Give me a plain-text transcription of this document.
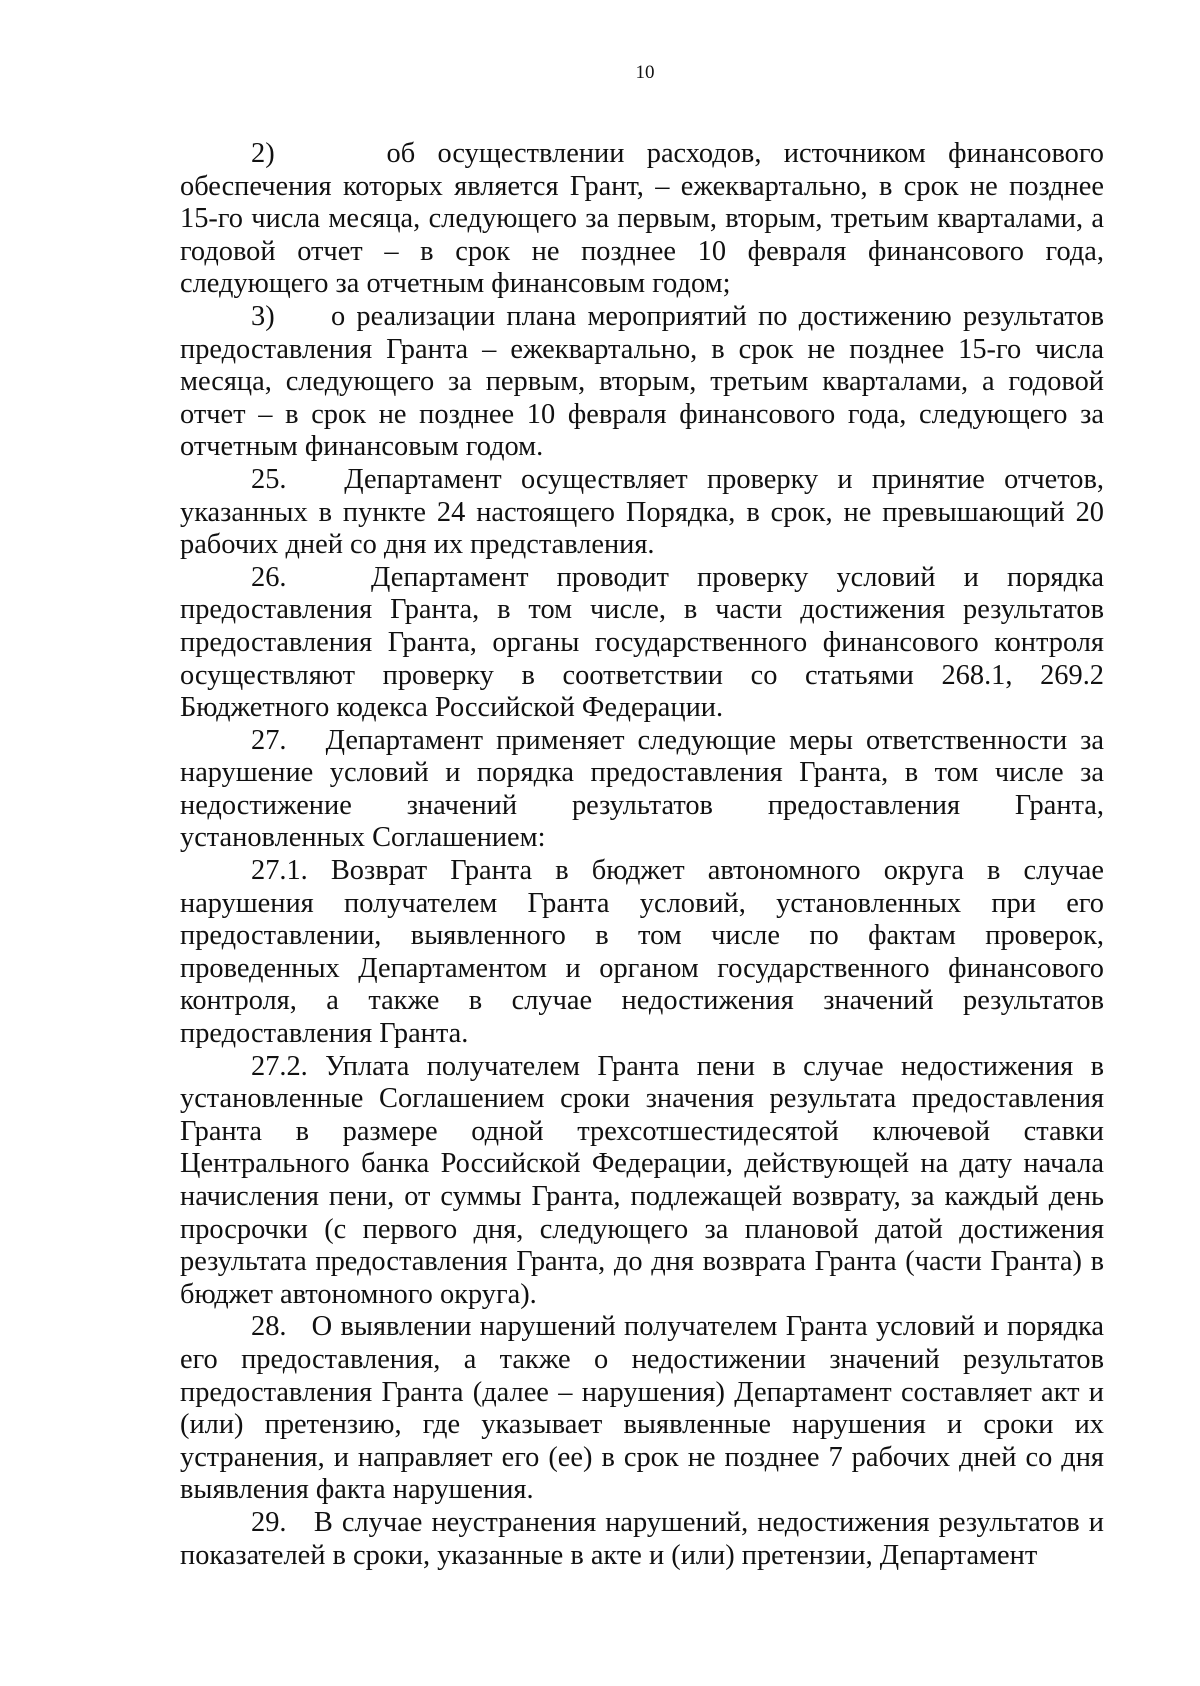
10

2)     об осуществлении расходов, источником финансового обеспечения которых является Грант, – ежеквартально, в срок не позднее 15-го числа месяца, следующего за первым, вторым, третьим кварталами, а годовой отчет – в срок не позднее 10 февраля финансового года, следующего за отчетным финансовым годом;

3)     о реализации плана мероприятий по достижению результатов предоставления Гранта – ежеквартально, в срок не позднее 15-го числа месяца, следующего за первым, вторым, третьим кварталами, а годовой отчет – в срок не позднее 10 февраля финансового года, следующего за отчетным финансовым годом.

25.   Департамент осуществляет проверку и принятие отчетов, указанных в пункте 24 настоящего Порядка, в срок, не превышающий 20 рабочих дней со дня их представления.

26.   Департамент проводит проверку условий и порядка предоставления Гранта, в том числе, в части достижения результатов предоставления Гранта, органы государственного финансового контроля осуществляют проверку в соответствии со статьями 268.1, 269.2 Бюджетного кодекса Российской Федерации.

27.   Департамент применяет следующие меры ответственности за нарушение условий и порядка предоставления Гранта, в том числе за недостижение значений результатов предоставления Гранта, установленных Соглашением:

27.1. Возврат Гранта в бюджет автономного округа в случае нарушения получателем Гранта условий, установленных при его предоставлении, выявленного в том числе по фактам проверок, проведенных Департаментом и органом государственного финансового контроля, а также в случае недостижения значений результатов предоставления Гранта.

27.2. Уплата получателем Гранта пени в случае недостижения в установленные Соглашением сроки значения результата предоставления Гранта в размере одной трехсотшестидесятой ключевой ставки Центрального банка Российской Федерации, действующей на дату начала начисления пени, от суммы Гранта, подлежащей возврату, за каждый день просрочки (с первого дня, следующего за плановой датой достижения результата предоставления Гранта, до дня возврата Гранта (части Гранта) в бюджет автономного округа).

28.   О выявлении нарушений получателем Гранта условий и порядка его предоставления, а также о недостижении значений результатов предоставления Гранта (далее – нарушения) Департамент составляет акт и (или) претензию, где указывает выявленные нарушения и сроки их устранения, и направляет его (ее) в срок не позднее 7 рабочих дней со дня выявления факта нарушения.

29.   В случае неустранения нарушений, недостижения результатов и показателей в сроки, указанные в акте и (или) претензии, Департамент
